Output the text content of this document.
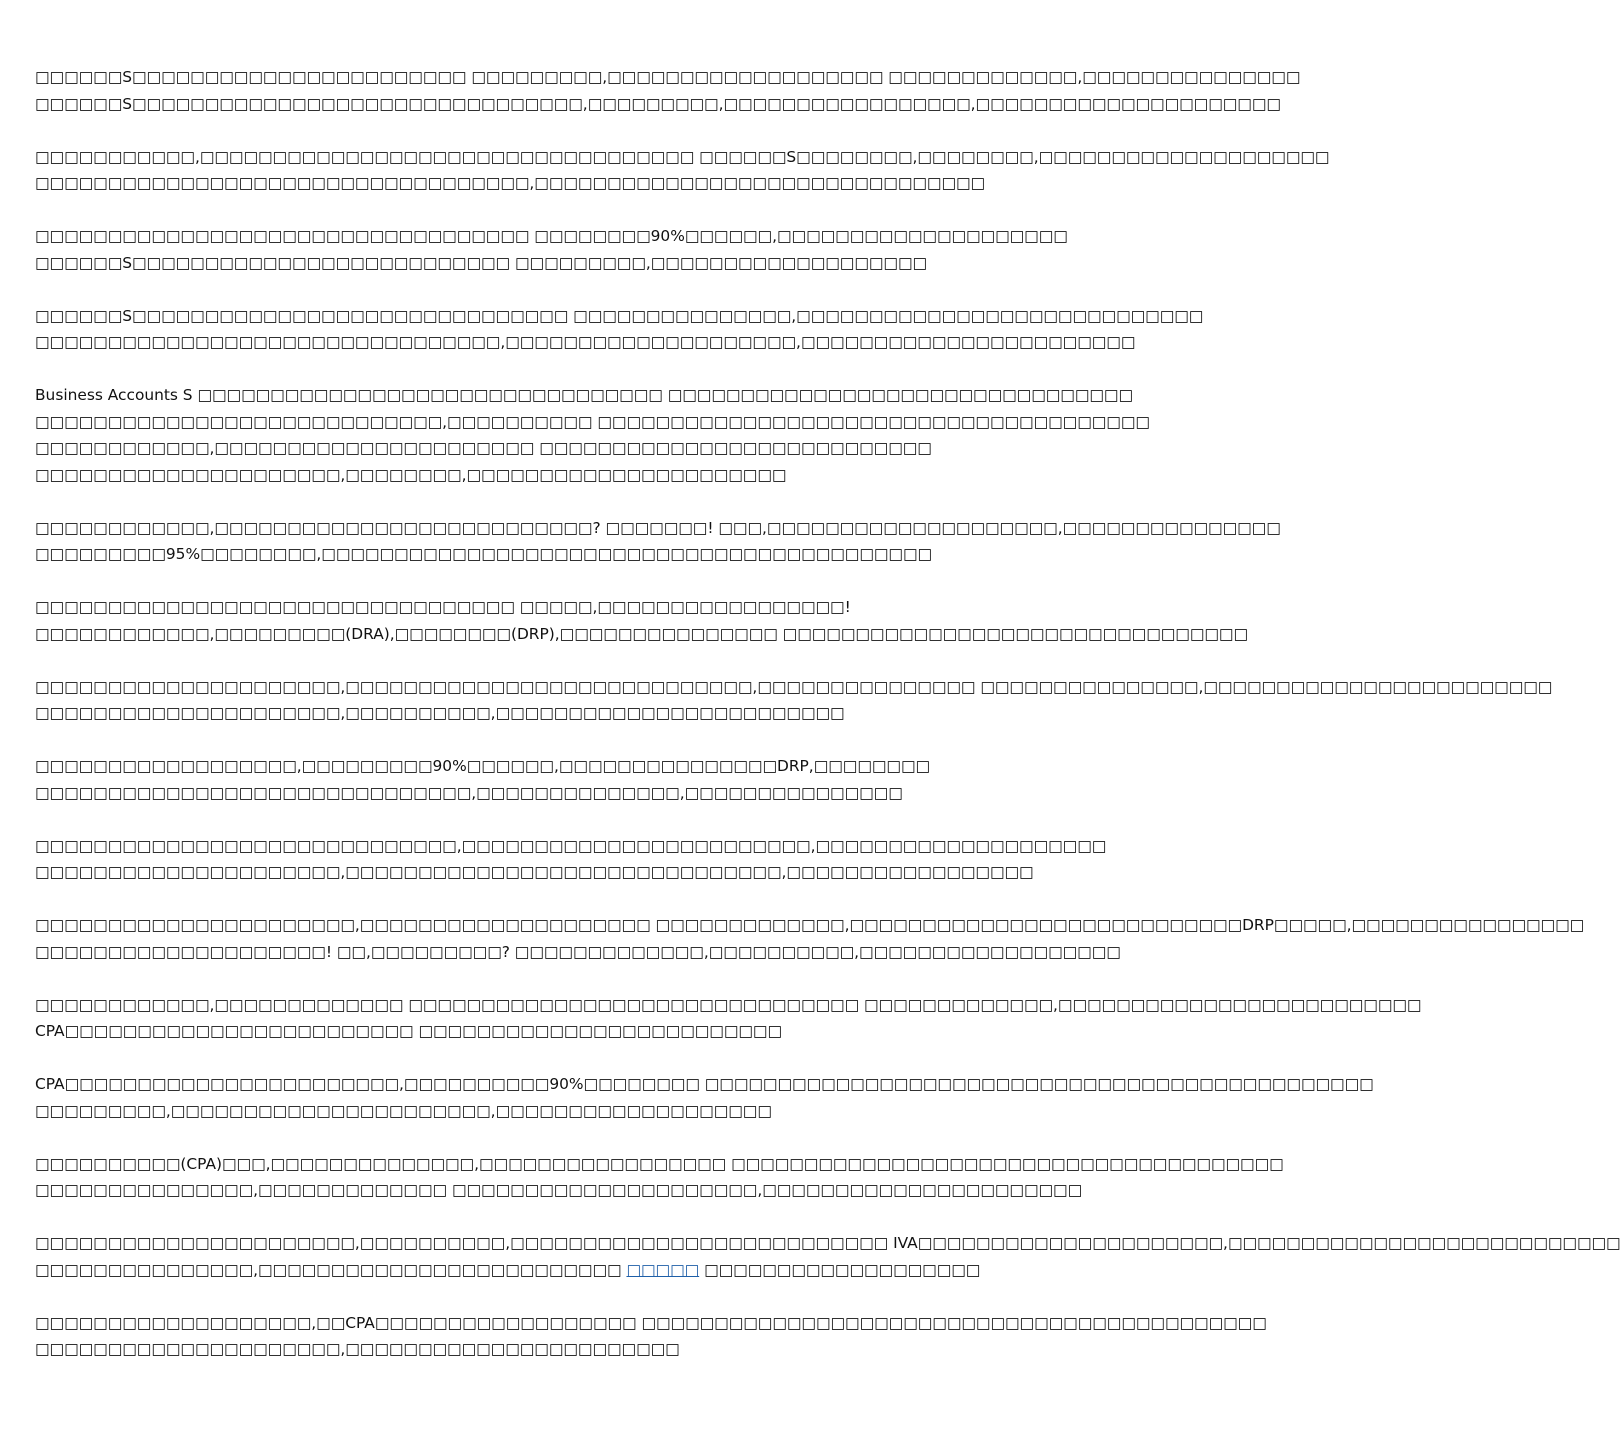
□□□□□□S□□□□□□□□□□□□□□□□□□□□□□□ □□□□□□□□□,□□□□□□□□□□□□□□□□□□□ □□□□□□□□□□□□□,□□□□□□□□□□□□□□□
□□□□□□S□□□□□□□□□□□□□□□□□□□□□□□□□□□□□□□,□□□□□□□□□,□□□□□□□□□□□□□□□□□,□□□□□□□□□□□□□□□□□□□□□

□□□□□□□□□□□,□□□□□□□□□□□□□□□□□□□□□□□□□□□□□□□□□□ □□□□□□S□□□□□□□□,□□□□□□□□,□□□□□□□□□□□□□□□□□□□□
□□□□□□□□□□□□□□□□□□□□□□□□□□□□□□□□□□,□□□□□□□□□□□□□□□□□□□□□□□□□□□□□□□

□□□□□□□□□□□□□□□□□□□□□□□□□□□□□□□□□□ □□□□□□□□90%□□□□□□,□□□□□□□□□□□□□□□□□□□□
□□□□□□S□□□□□□□□□□□□□□□□□□□□□□□□□□ □□□□□□□□□,□□□□□□□□□□□□□□□□□□□

□□□□□□S□□□□□□□□□□□□□□□□□□□□□□□□□□□□□□ □□□□□□□□□□□□□□□,□□□□□□□□□□□□□□□□□□□□□□□□□□□□
□□□□□□□□□□□□□□□□□□□□□□□□□□□□□□□□,□□□□□□□□□□□□□□□□□□□□,□□□□□□□□□□□□□□□□□□□□□□□

Business Accounts S □□□□□□□□□□□□□□□□□□□□□□□□□□□□□□□□ □□□□□□□□□□□□□□□□□□□□□□□□□□□□□□□□
□□□□□□□□□□□□□□□□□□□□□□□□□□□□,□□□□□□□□□□ □□□□□□□□□□□□□□□□□□□□□□□□□□□□□□□□□□□□□□
□□□□□□□□□□□□,□□□□□□□□□□□□□□□□□□□□□□ □□□□□□□□□□□□□□□□□□□□□□□□□□□
□□□□□□□□□□□□□□□□□□□□□,□□□□□□□□,□□□□□□□□□□□□□□□□□□□□□□

□□□□□□□□□□□□,□□□□□□□□□□□□□□□□□□□□□□□□□□? □□□□□□□! □□□,□□□□□□□□□□□□□□□□□□□□,□□□□□□□□□□□□□□□
□□□□□□□□□95%□□□□□□□□,□□□□□□□□□□□□□□□□□□□□□□□□□□□□□□□□□□□□□□□□□□

□□□□□□□□□□□□□□□□□□□□□□□□□□□□□□□□□ □□□□□,□□□□□□□□□□□□□□□□□!
□□□□□□□□□□□□,□□□□□□□□□(DRA),□□□□□□□□(DRP),□□□□□□□□□□□□□□□ □□□□□□□□□□□□□□□□□□□□□□□□□□□□□□□□

□□□□□□□□□□□□□□□□□□□□□,□□□□□□□□□□□□□□□□□□□□□□□□□□□□,□□□□□□□□□□□□□□□ □□□□□□□□□□□□□□□,□□□□□□□□□□□□□□□□□□□□□□□□
□□□□□□□□□□□□□□□□□□□□□,□□□□□□□□□□,□□□□□□□□□□□□□□□□□□□□□□□□

□□□□□□□□□□□□□□□□□□,□□□□□□□□□90%□□□□□□,□□□□□□□□□□□□□□□DRP,□□□□□□□□
□□□□□□□□□□□□□□□□□□□□□□□□□□□□□□,□□□□□□□□□□□□□□,□□□□□□□□□□□□□□□

□□□□□□□□□□□□□□□□□□□□□□□□□□□□□,□□□□□□□□□□□□□□□□□□□□□□□□,□□□□□□□□□□□□□□□□□□□□
□□□□□□□□□□□□□□□□□□□□□,□□□□□□□□□□□□□□□□□□□□□□□□□□□□□□,□□□□□□□□□□□□□□□□□

□□□□□□□□□□□□□□□□□□□□□□,□□□□□□□□□□□□□□□□□□□□ □□□□□□□□□□□□□,□□□□□□□□□□□□□□□□□□□□□□□□□□□DRP□□□□□,□□□□□□□□□□□□□□□□
□□□□□□□□□□□□□□□□□□□□! □□,□□□□□□□□□? □□□□□□□□□□□□□,□□□□□□□□□□,□□□□□□□□□□□□□□□□□□

□□□□□□□□□□□□,□□□□□□□□□□□□□ □□□□□□□□□□□□□□□□□□□□□□□□□□□□□□□ □□□□□□□□□□□□□,□□□□□□□□□□□□□□□□□□□□□□□□□
CPA□□□□□□□□□□□□□□□□□□□□□□□□ □□□□□□□□□□□□□□□□□□□□□□□□□

CPA□□□□□□□□□□□□□□□□□□□□□□□,□□□□□□□□□□90%□□□□□□□□ □□□□□□□□□□□□□□□□□□□□□□□□□□□□□□□□□□□□□□□□□□□□□□
□□□□□□□□□,□□□□□□□□□□□□□□□□□□□□□□,□□□□□□□□□□□□□□□□□□□

□□□□□□□□□□(CPA)□□□,□□□□□□□□□□□□□□,□□□□□□□□□□□□□□□□□ □□□□□□□□□□□□□□□□□□□□□□□□□□□□□□□□□□□□□□
□□□□□□□□□□□□□□□,□□□□□□□□□□□□□ □□□□□□□□□□□□□□□□□□□□□,□□□□□□□□□□□□□□□□□□□□□□

□□□□□□□□□□□□□□□□□□□□□□,□□□□□□□□□□,□□□□□□□□□□□□□□□□□□□□□□□□□□ IVA□□□□□□□□□□□□□□□□□□□□□,□□□□□□□□□□□□□□□□□□□□□□□□□□□
□□□□□□□□□□□□□□□,□□□□□□□□□□□□□□□□□□□□□□□□□ □□□□□ □□□□□□□□□□□□□□□□□□□

□□□□□□□□□□□□□□□□□□□,□□CPA□□□□□□□□□□□□□□□□□□ □□□□□□□□□□□□□□□□□□□□□□□□□□□□□□□□□□□□□□□□□□□
□□□□□□□□□□□□□□□□□□□□□,□□□□□□□□□□□□□□□□□□□□□□□
